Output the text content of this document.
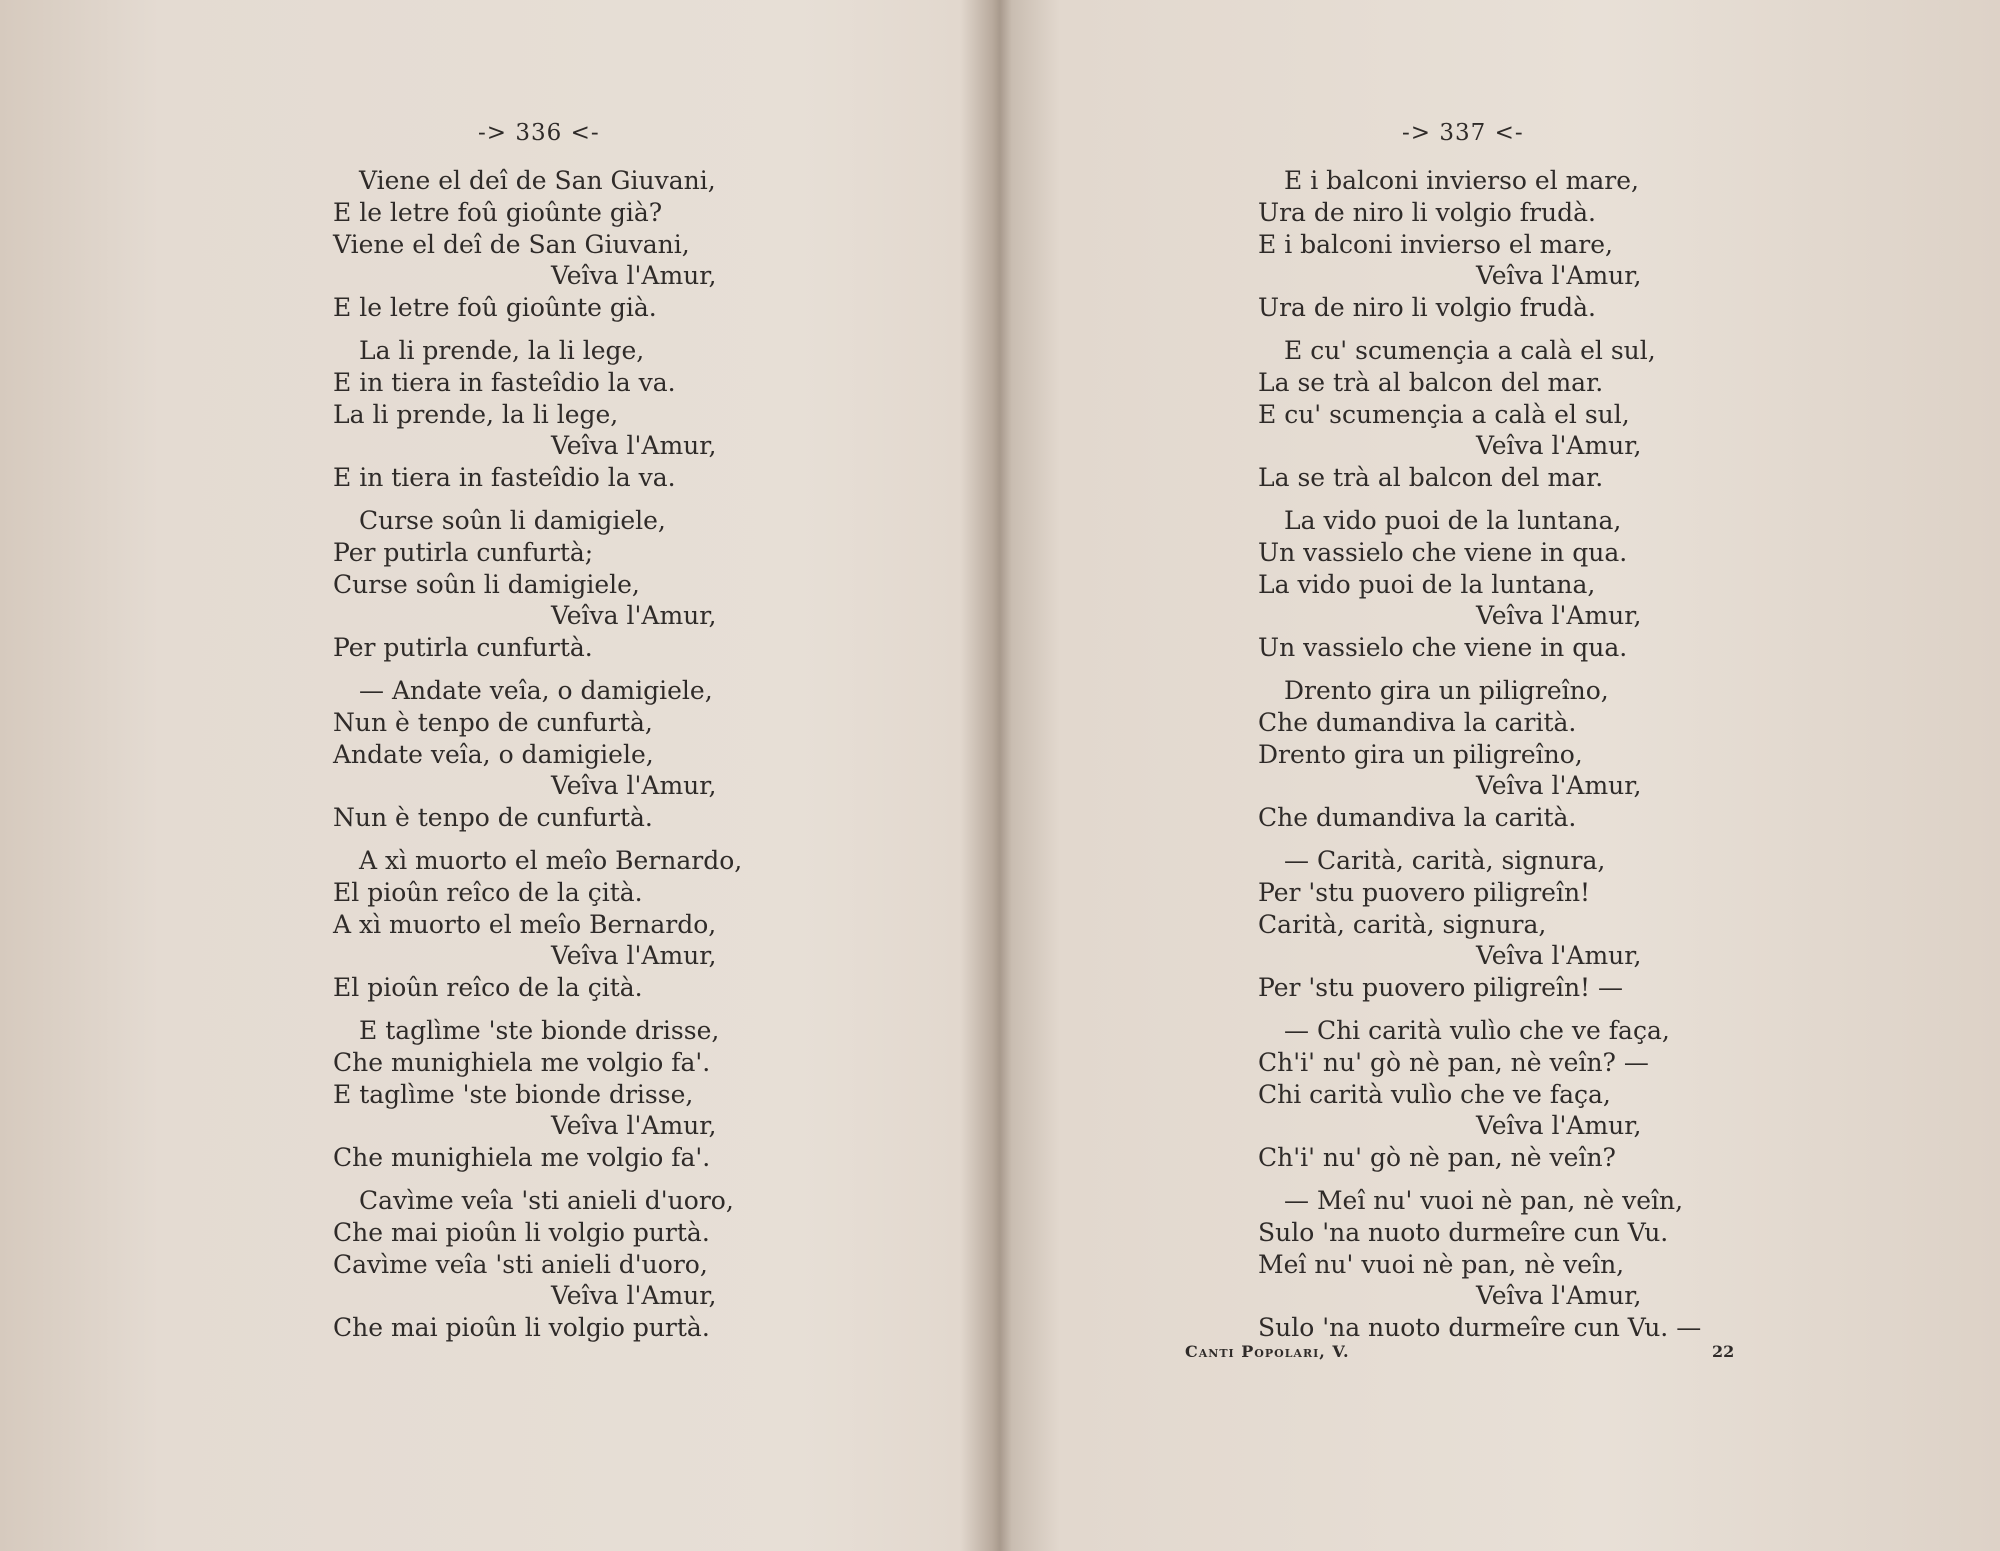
-> 336 <-
Viene el deî de San Giuvani,
E le letre foû gioûnte già?
Viene el deî de San Giuvani,
Veîva l'Amur,
E le letre foû gioûnte già.
La li prende, la li lege,
E in tiera in fasteîdio la va.
La li prende, la li lege,
Veîva l'Amur,
E in tiera in fasteîdio la va.
Curse soûn li damigiele,
Per putirla cunfurtà;
Curse soûn li damigiele,
Veîva l'Amur,
Per putirla cunfurtà.
— Andate veîa, o damigiele,
Nun è tenpo de cunfurtà,
Andate veîa, o damigiele,
Veîva l'Amur,
Nun è tenpo de cunfurtà.
A xì muorto el meîo Bernardo,
El pioûn reîco de la çità.
A xì muorto el meîo Bernardo,
Veîva l'Amur,
El pioûn reîco de la çità.
E taglìme 'ste bionde drisse,
Che munighiela me volgio fa'.
E taglìme 'ste bionde drisse,
Veîva l'Amur,
Che munighiela me volgio fa'.
Cavìme veîa 'sti anieli d'uoro,
Che mai pioûn li volgio purtà.
Cavìme veîa 'sti anieli d'uoro,
Veîva l'Amur,
Che mai pioûn li volgio purtà.
-> 337 <-
E i balconi invierso el mare,
Ura de niro li volgio frudà.
E i balconi invierso el mare,
Veîva l'Amur,
Ura de niro li volgio frudà.
E cu' scumençia a calà el sul,
La se trà al balcon del mar.
E cu' scumençia a calà el sul,
Veîva l'Amur,
La se trà al balcon del mar.
La vido puoi de la luntana,
Un vassielo che viene in qua.
La vido puoi de la luntana,
Veîva l'Amur,
Un vassielo che viene in qua.
Drento gira un piligreîno,
Che dumandiva la carità.
Drento gira un piligreîno,
Veîva l'Amur,
Che dumandiva la carità.
— Carità, carità, signura,
Per 'stu puovero piligreîn!
Carità, carità, signura,
Veîva l'Amur,
Per 'stu puovero piligreîn! —
— Chi carità vulìo che ve façа,
Ch'i' nu' gò nè pan, nè veîn? —
Chi carità vulìo che ve façа,
Veîva l'Amur,
Ch'i' nu' gò nè pan, nè veîn?
— Meî nu' vuoi nè pan, nè veîn,
Sulo 'na nuoto durmeîre cun Vu.
Meî nu' vuoi nè pan, nè veîn,
Veîva l'Amur,
Sulo 'na nuoto durmeîre cun Vu. —
Canti Popolari, V.	22
